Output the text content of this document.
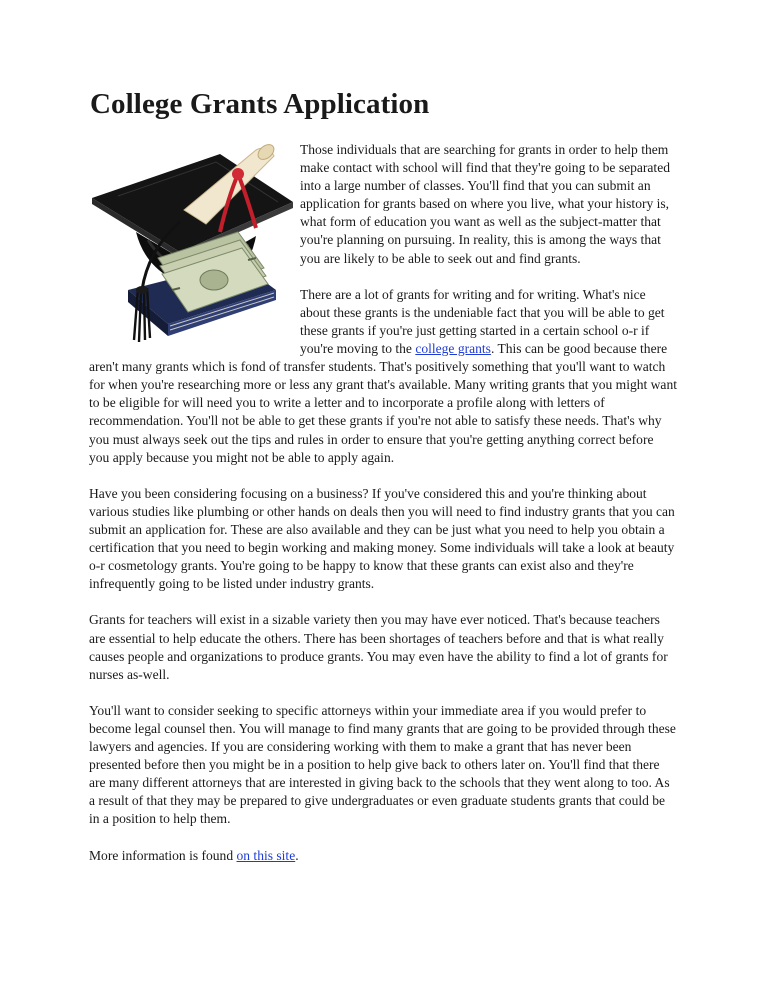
College Grants Application

Those individuals that are searching for grants in order to help them make contact with school will find that they're going to be separated into a large number of classes. You'll find that you can submit an application for grants based on where you live, what your history is, what form of education you want as well as the subject-matter that you're planning on pursuing. In reality, this is among the ways that you are likely to be able to seek out and find grants.

There are a lot of grants for writing and for writing. What's nice about these grants is the undeniable fact that you will be able to get these grants if you're just getting started in a certain school o-r if you're moving to the college grants. This can be good because there aren't many grants which is fond of transfer students. That's positively something that you'll want to watch for when you're researching more or less any grant that's available. Many writing grants that you might want to be eligible for will need you to write a letter and to incorporate a profile along with letters of recommendation. You'll not be able to get these grants if you're not able to satisfy these needs. That's why you must always seek out the tips and rules in order to ensure that you're getting anything correct before you apply because you might not be able to apply again.

Have you been considering focusing on a business? If you've considered this and you're thinking about various studies like plumbing or other hands on deals then you will need to find industry grants that you can submit an application for. These are also available and they can be just what you need to help you obtain a certification that you need to begin working and making money. Some individuals will take a look at beauty o-r cosmetology grants. You're going to be happy to know that these grants can exist also and they're infrequently going to be listed under industry grants.

Grants for teachers will exist in a sizable variety then you may have ever noticed. That's because teachers are essential to help educate the others. There has been shortages of teachers before and that is what really causes people and organizations to produce grants. You may even have the ability to find a lot of grants for nurses as-well.

You'll want to consider seeking to specific attorneys within your immediate area if you would prefer to become legal counsel then. You will manage to find many grants that are going to be provided through these lawyers and agencies. If you are considering working with them to make a grant that has never been presented before then you might be in a position to help give back to others later on. You'll find that there are many different attorneys that are interested in giving back to the schools that they went along to too. As a result of that they may be prepared to give undergraduates or even graduate students grants that could be in a position to help them.

More information is found on this site.
